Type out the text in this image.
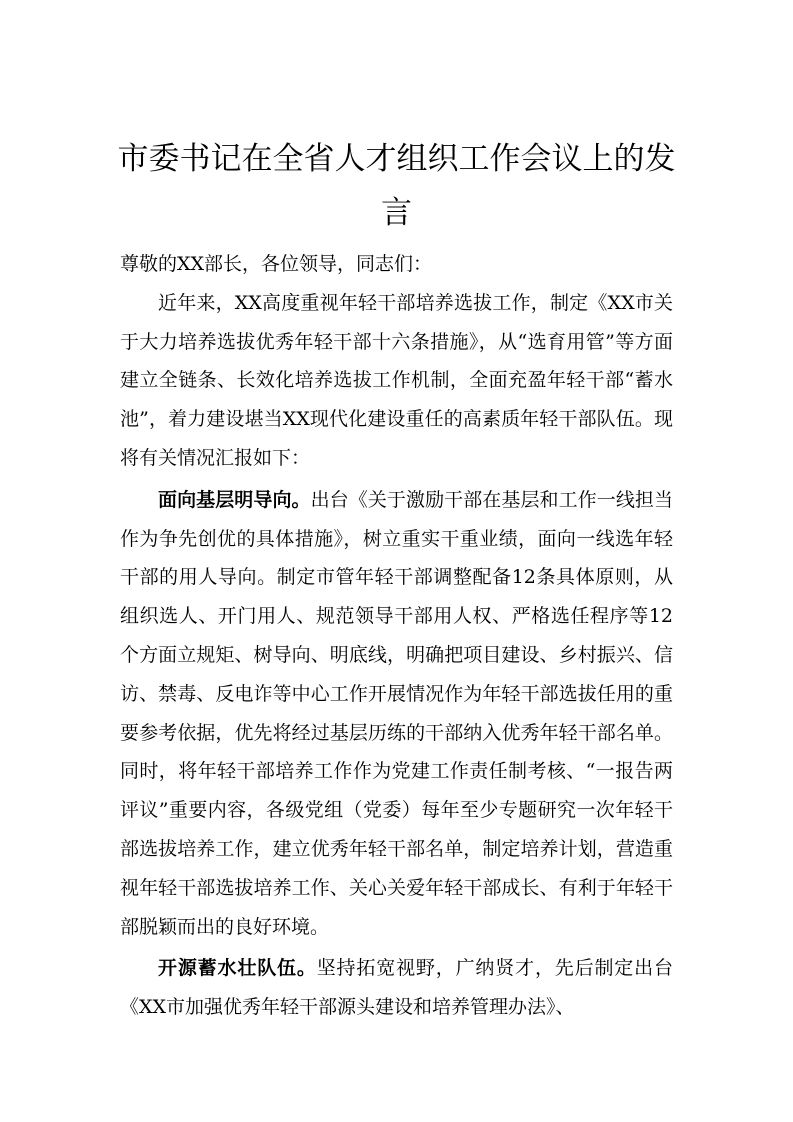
市委书记在全省人才组织工作会议上的发言

尊敬的XX部长，各位领导，同志们：

近年来，XX高度重视年轻干部培养选拔工作，制定《XX市关于大力培养选拔优秀年轻干部十六条措施》，从“选育用管”等方面建立全链条、长效化培养选拔工作机制，全面充盈年轻干部“蓄水池”，着力建设堪当XX现代化建设重任的高素质年轻干部队伍。现将有关情况汇报如下：

面向基层明导向。出台《关于激励干部在基层和工作一线担当作为争先创优的具体措施》，树立重实干重业绩，面向一线选年轻干部的用人导向。制定市管年轻干部调整配备12条具体原则，从组织选人、开门用人、规范领导干部用人权、严格选任程序等12个方面立规矩、树导向、明底线，明确把项目建设、乡村振兴、信访、禁毒、反电诈等中心工作开展情况作为年轻干部选拔任用的重要参考依据，优先将经过基层历练的干部纳入优秀年轻干部名单。同时，将年轻干部培养工作作为党建工作责任制考核、“一报告两评议”重要内容，各级党组（党委）每年至少专题研究一次年轻干部选拔培养工作，建立优秀年轻干部名单，制定培养计划，营造重视年轻干部选拔培养工作、关心关爱年轻干部成长、有利于年轻干部脱颖而出的良好环境。

开源蓄水壮队伍。坚持拓宽视野，广纳贤才，先后制定出台《XX市加强优秀年轻干部源头建设和培养管理办法》、
